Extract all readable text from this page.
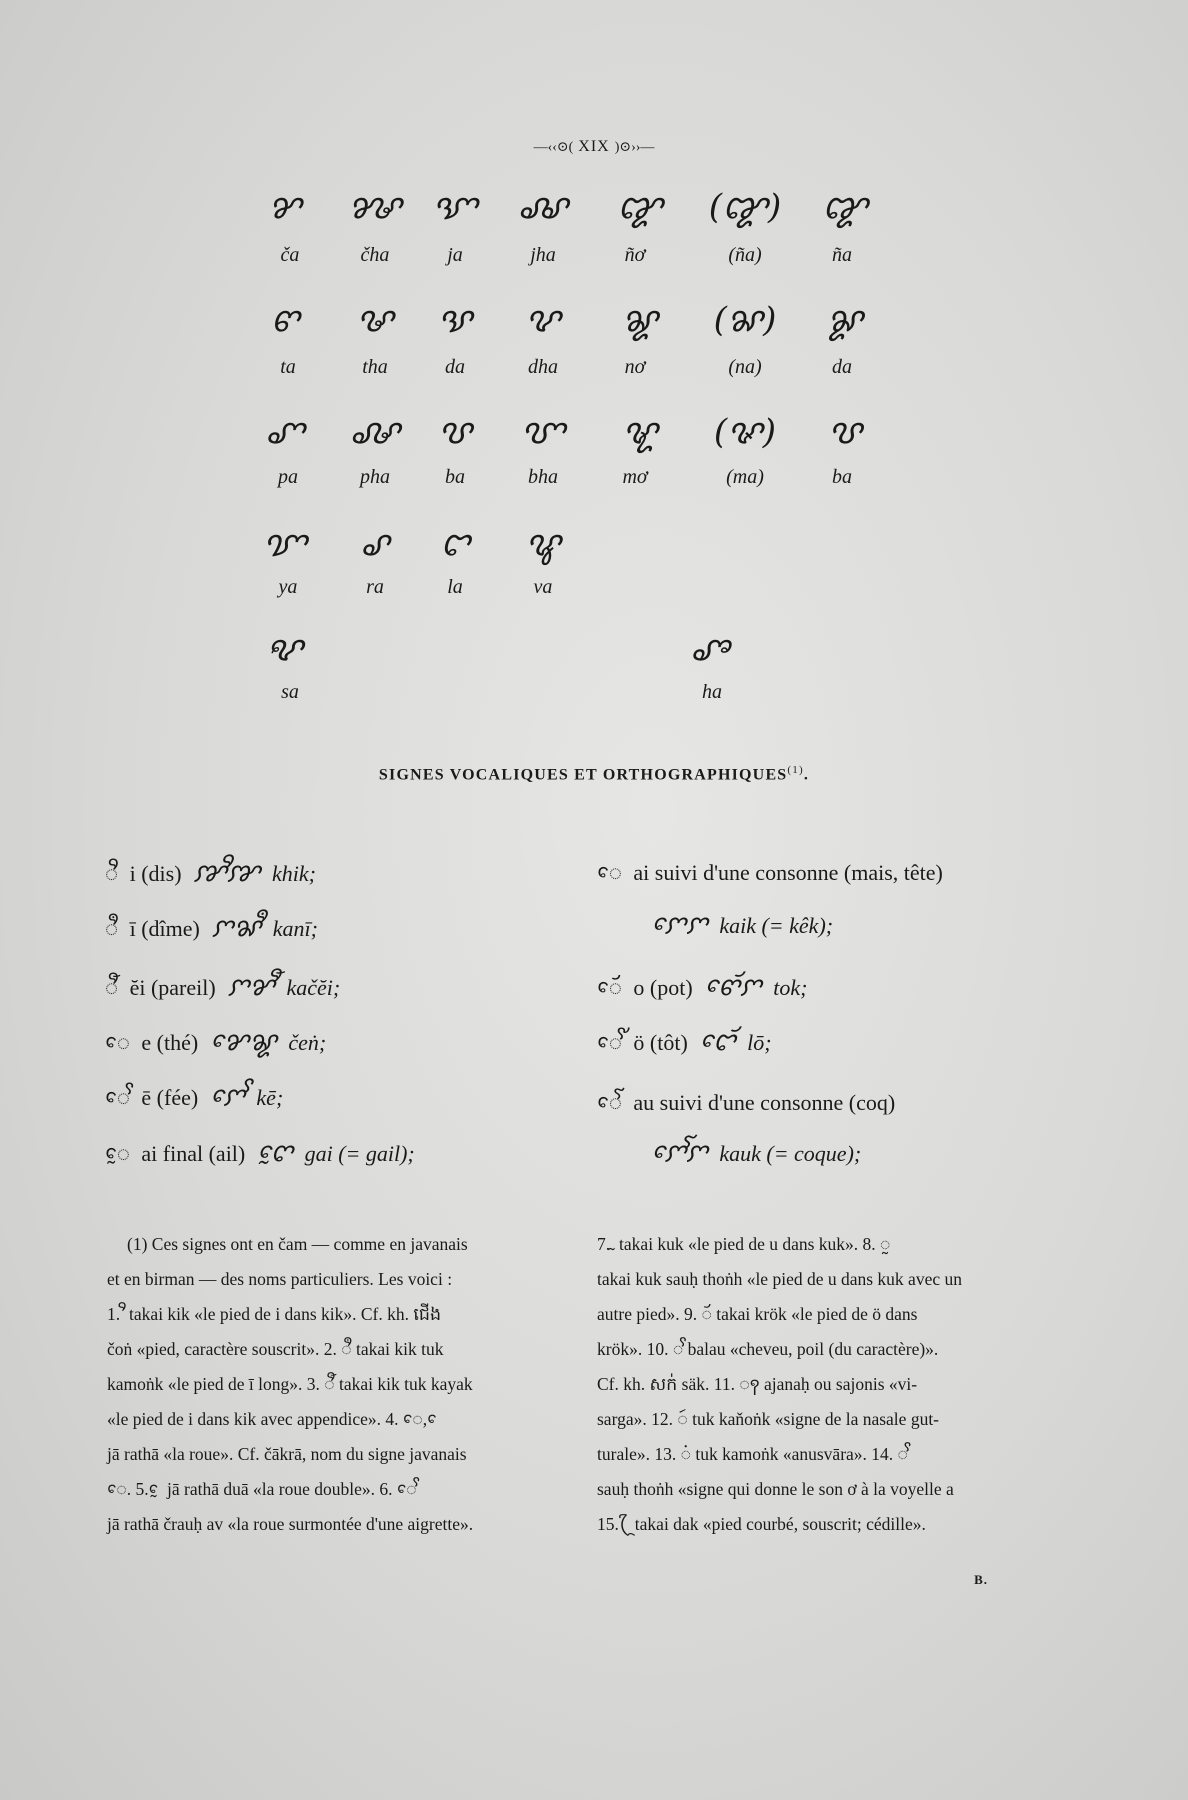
—‹‹⊙( XIX )⊙››—
ꨌ	ꨍ ꨎ	ꨏ	ꨑ	(ꨑ)	ꨑ
ča	čha	ja	jha	ñơ	(ña)	ña
ꨓ	ꨔ	ꨕ	ꨖ	ꨘ	(ꨗ)	ꨙ
ta	tha	da	dha	nơ	(na)	da
ꨚ	ꨜ	ꨝ	ꨞ	ꨠ	(ꨟ)	ꨝ
pa	pha	ba	bha	mơ	(ma)	ba
ꨢ	ꨣ	ꨤ	ꨥ
ya	ra	la	va
ꨦ	ꨨ
sa	ha
SIGNES VOCALIQUES ET ORTHOGRAPHIQUES$^{(1)}$.
ꨪ i (dis) ꨇꨪꨇ khik;
ꨫ ī (dîme) ꨆꨗꨫ kanī;
ꨬ ĕi (pareil) ꨆꨌꨬ kačĕi;
ꨯ e (thé) ꨌꨯꨘ čeṅ;
ꨯꨩ ē (fée) ꨆꨯꨩ kē;
ꨰ ai final (ail) ꨈꨰ gai (= gail);
ꨯ ai suivi d'une consonne (mais, tête)
ꨆꨯꨆ kaik (= kêk);
ꨯꨮ o (pot) ꨓꨯꨮꨆ tok;
ꨯꨮꨩ ö (tôt) ꨤꨯꨮ lō;
ꨯꨱ au suivi d'une consonne (coq)
ꨆꨯꨱꨆ kauk (= coque);
(1) Ces signes ont en čam — comme en javanais
et en birman — des noms particuliers. Les voici :
1. ꨪ takai kik «le pied de i dans kik». Cf. kh. ជើង
čoṅ «pied, caractère souscrit». 2. ꨫ takai kik tuk
kamoṅk «le pied de ī long». 3. ꨬ takai kik tuk kayak
«le pied de i dans kik avec appendice». 4. ꨯ, ꨯ
jā rathā «la roue». Cf. čākrā, nom du signe javanais
ꨯ. 5. ꨰ jā rathā duā «la roue double». 6. ꨯꨩ
jā rathā črauḥ av «la roue surmontée d'une aigrette».
7. ꨭ takai kuk «le pied de u dans kuk». 8. ꨭ
takai kuk sauḥ thoṅh «le pied de u dans kuk avec un
autre pied». 9. ꨮ takai krök «le pied de ö dans
krök». 10. ꨩ balau «cheveu, poil (du caractère)».
Cf. kh. សក់ säk. 11. ꩍ ajanaḥ ou sajonis «vi-
sarga». 12. ꩃ tuk kaňoṅk «signe de la nasale gut-
turale». 13. ꩌ tuk kamoṅk «anusvāra». 14. ꨩ
sauḥ thoṅh «signe qui donne le son ơ à la voyelle a
15. ꨴ takai dak «pied courbé, souscrit; cédille».
B.
